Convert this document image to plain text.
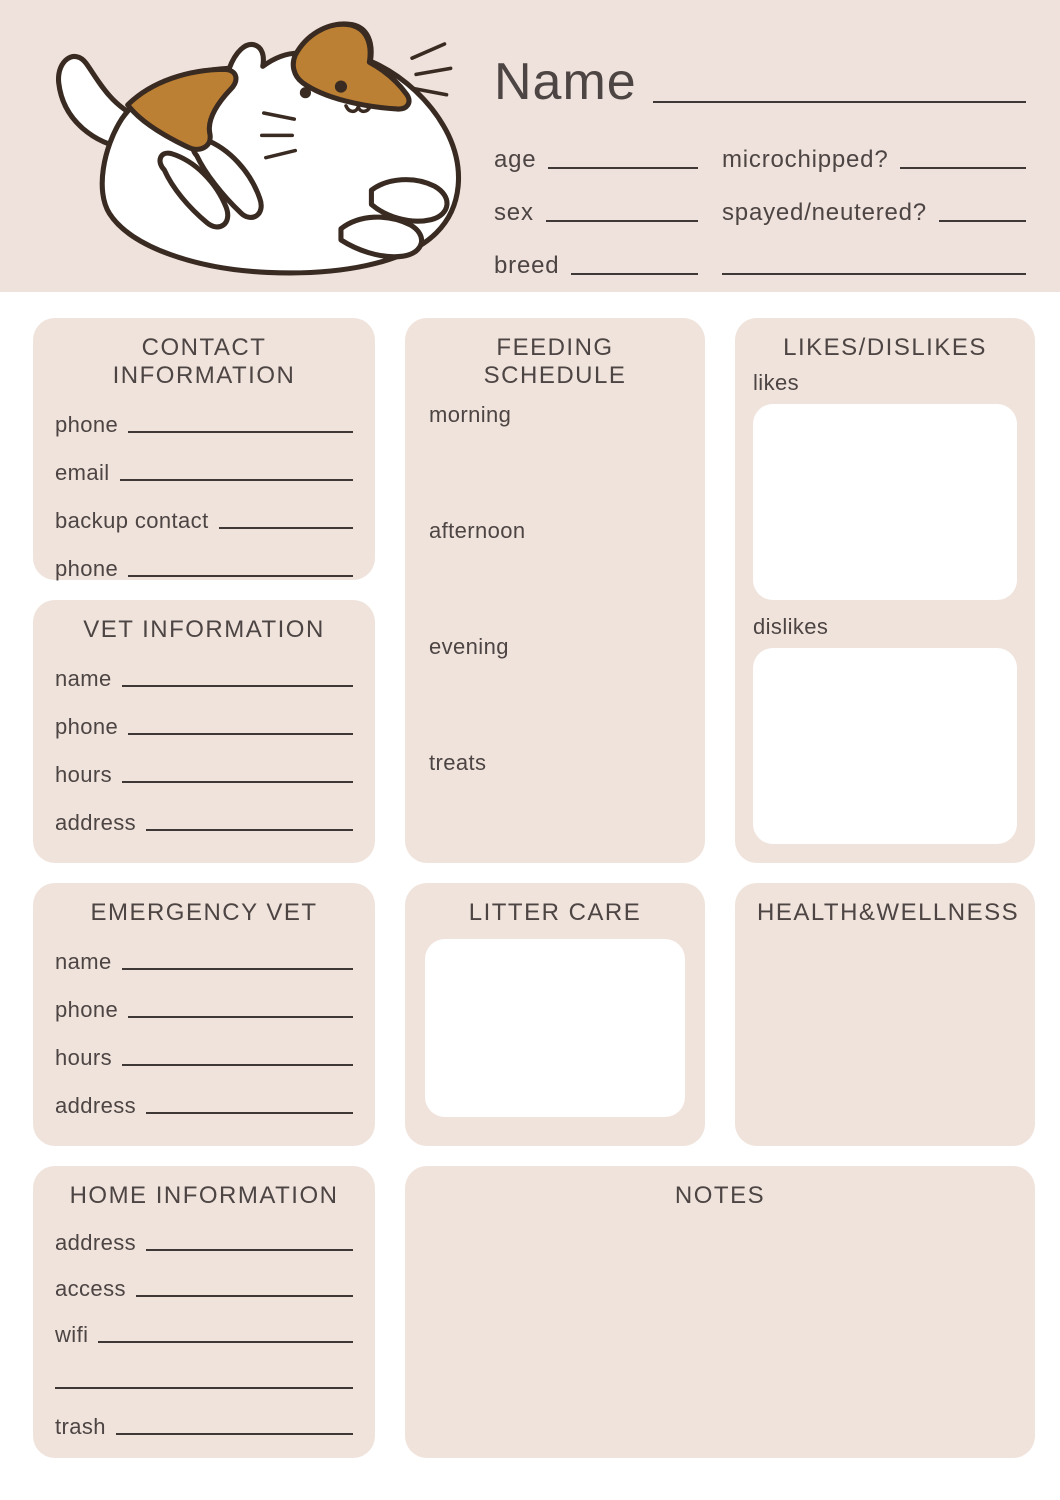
Name
age	microchipped?
sex	spayed/neutered?
breed
CONTACT INFORMATION
phone
email
backup contact
phone
FEEDING SCHEDULE
morning
afternoon
evening
treats
LIKES/DISLIKES
likes
dislikes
VET INFORMATION
name
phone
hours
address
EMERGENCY VET
name
phone
hours
address
LITTER CARE	HEALTH&WELLNESS
HOME INFORMATION
address
access
wifi
trash
NOTES
